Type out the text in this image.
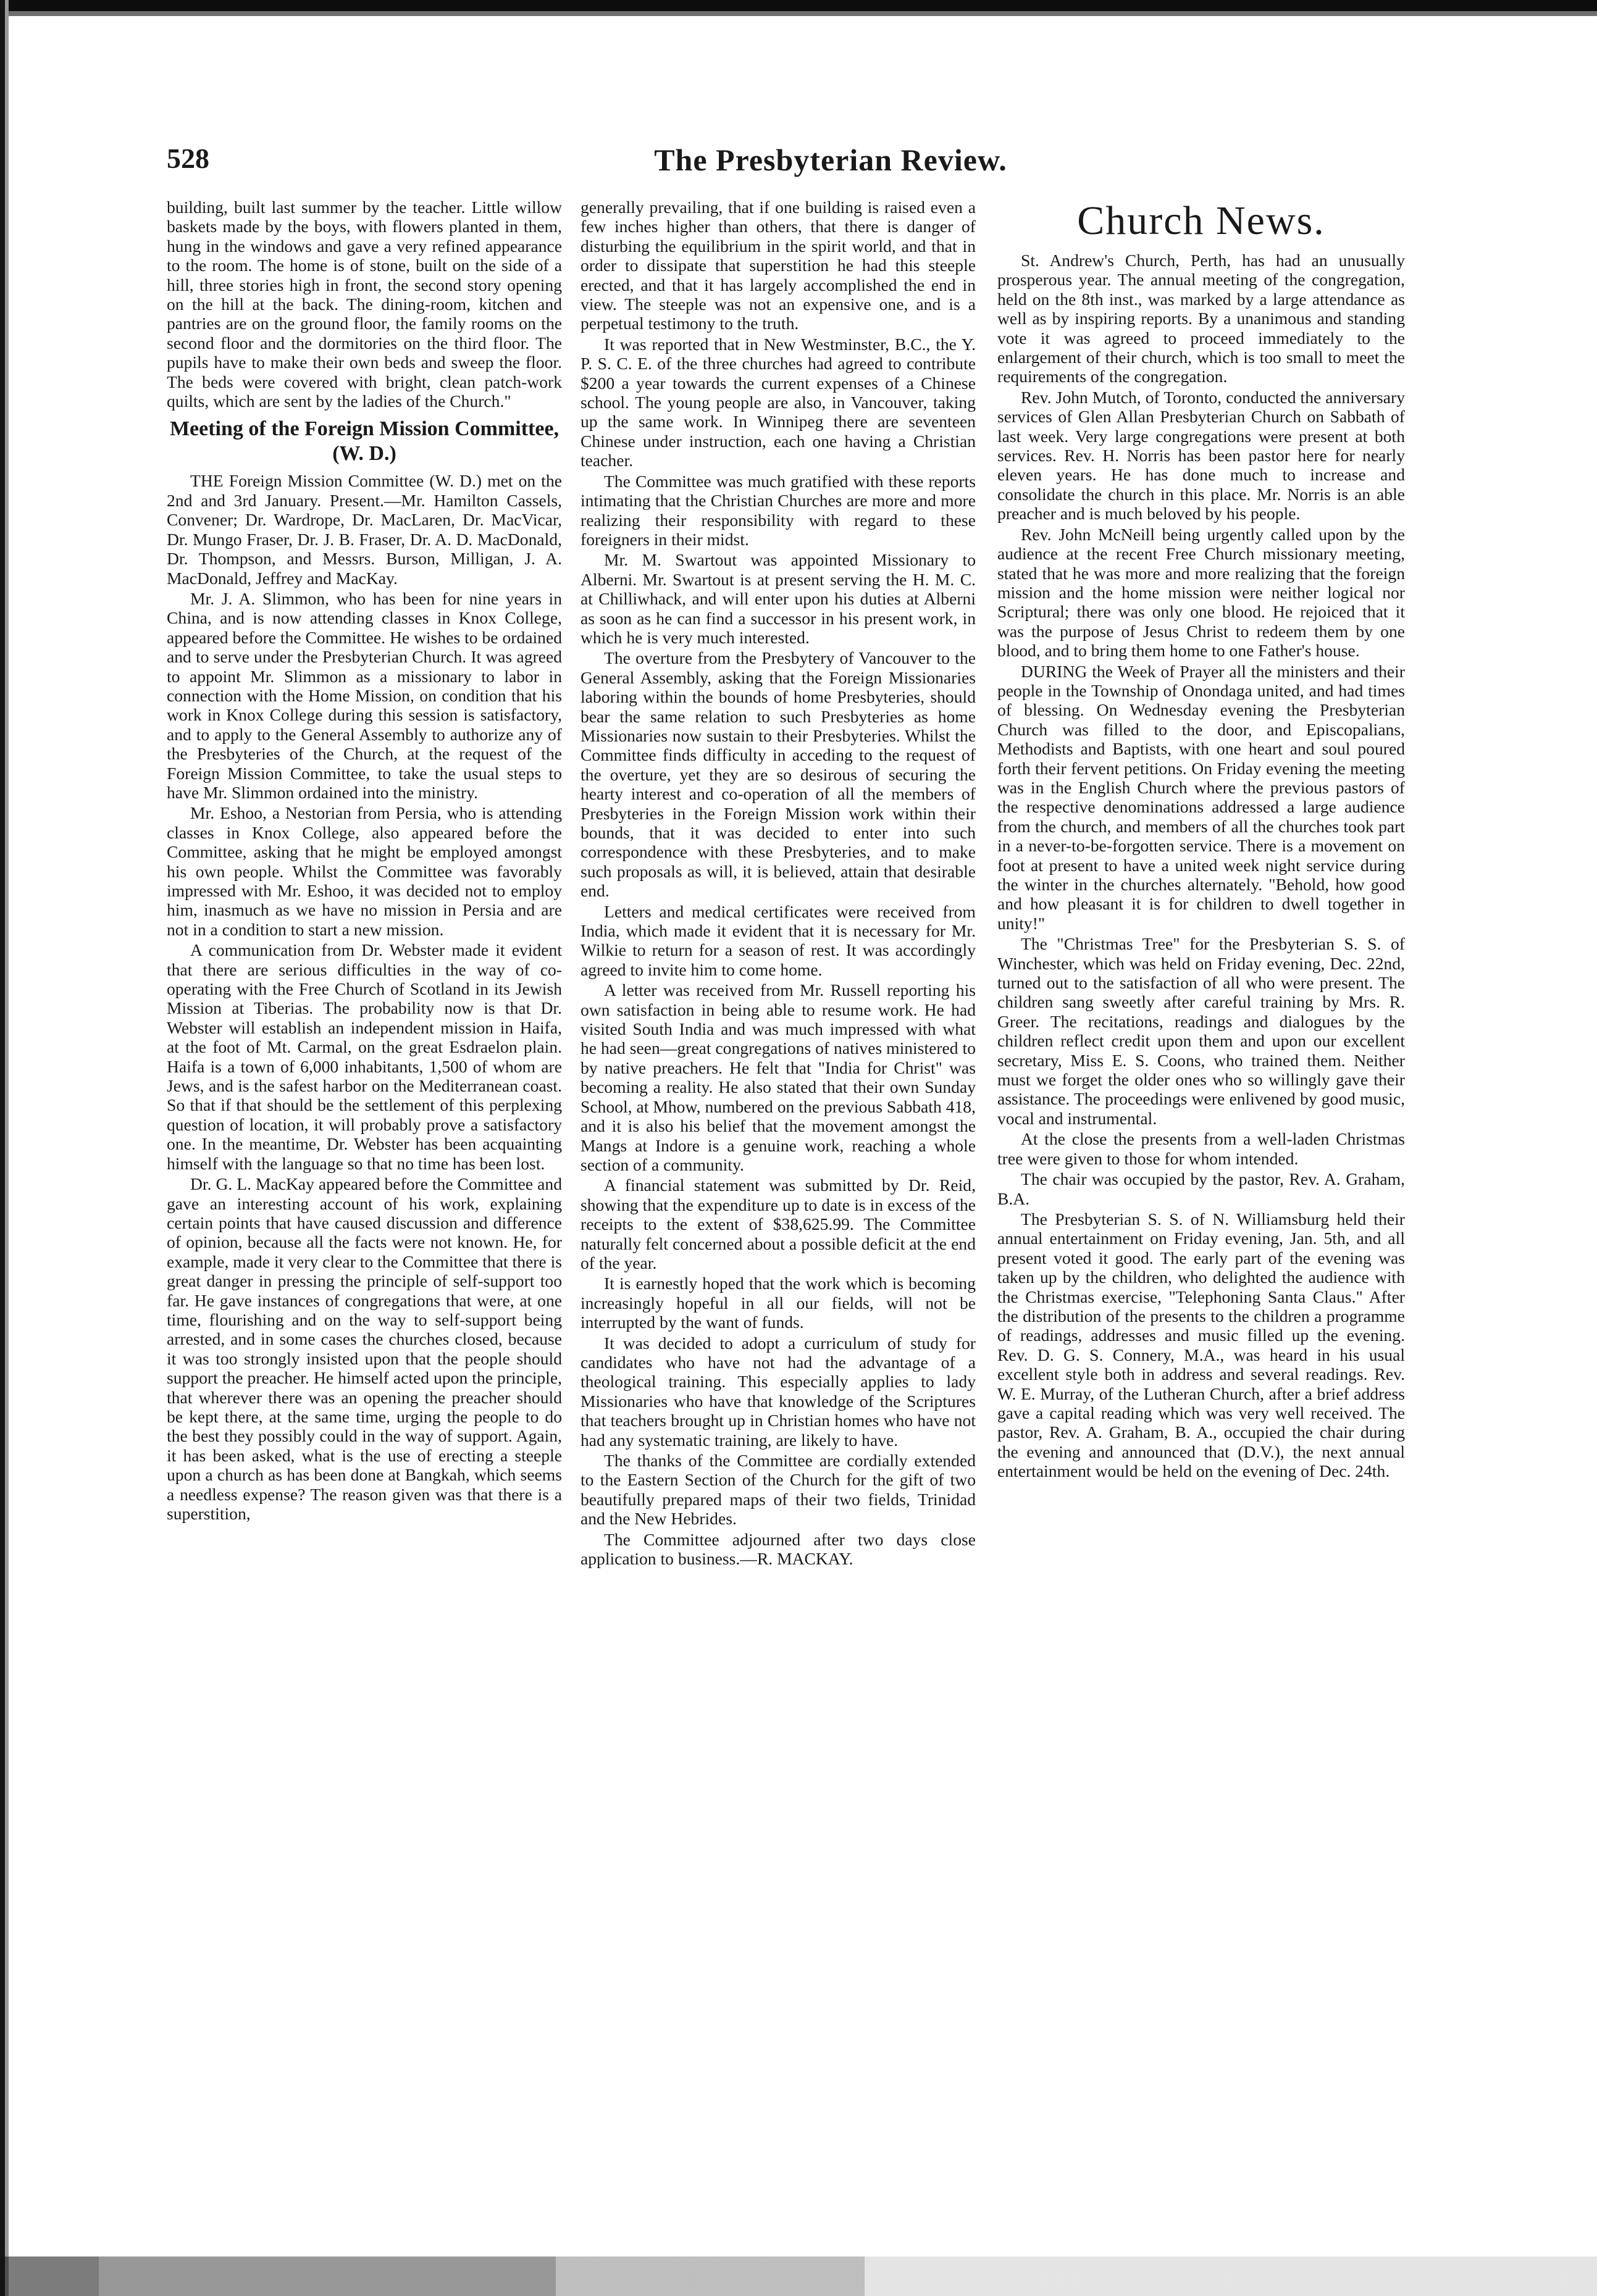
528	The Presbyterian Review.

building, built last summer by the teacher. Little willow baskets made by the boys, with flowers planted in them, hung in the windows and gave a very refined appearance to the room. The home is of stone, built on the side of a hill, three stories high in front, the second story opening on the hill at the back. The dining-room, kitchen and pantries are on the ground floor, the family rooms on the second floor and the dormitories on the third floor. The pupils have to make their own beds and sweep the floor. The beds were covered with bright, clean patch-work quilts, which are sent by the ladies of the Church."

Meeting of the Foreign Mission Committee, (W. D.)

THE Foreign Mission Committee (W. D.) met on the 2nd and 3rd January. Present.—Mr. Hamilton Cassels, Convener; Dr. Wardrope, Dr. MacLaren, Dr. MacVicar, Dr. Mungo Fraser, Dr. J. B. Fraser, Dr. A. D. MacDonald, Dr. Thompson, and Messrs. Burson, Milligan, J. A. MacDonald, Jeffrey and MacKay.

Mr. J. A. Slimmon, who has been for nine years in China, and is now attending classes in Knox College, appeared before the Committee. He wishes to be ordained and to serve under the Presbyterian Church. It was agreed to appoint Mr. Slimmon as a missionary to labor in connection with the Home Mission, on condition that his work in Knox College during this session is satisfactory, and to apply to the General Assembly to authorize any of the Presbyteries of the Church, at the request of the Foreign Mission Committee, to take the usual steps to have Mr. Slimmon ordained into the ministry.

Mr. Eshoo, a Nestorian from Persia, who is attending classes in Knox College, also appeared before the Committee, asking that he might be employed amongst his own people. Whilst the Committee was favorably impressed with Mr. Eshoo, it was decided not to employ him, inasmuch as we have no mission in Persia and are not in a condition to start a new mission.

A communication from Dr. Webster made it evident that there are serious difficulties in the way of co-operating with the Free Church of Scotland in its Jewish Mission at Tiberias. The probability now is that Dr. Webster will establish an independent mission in Haifa, at the foot of Mt. Carmal, on the great Esdraelon plain. Haifa is a town of 6,000 inhabitants, 1,500 of whom are Jews, and is the safest harbor on the Mediterranean coast. So that if that should be the settlement of this perplexing question of location, it will probably prove a satisfactory one. In the meantime, Dr. Webster has been acquainting himself with the language so that no time has been lost.

Dr. G. L. MacKay appeared before the Committee and gave an interesting account of his work, explaining certain points that have caused discussion and difference of opinion, because all the facts were not known. He, for example, made it very clear to the Committee that there is great danger in pressing the principle of self-support too far. He gave instances of congregations that were, at one time, flourishing and on the way to self-support being arrested, and in some cases the churches closed, because it was too strongly insisted upon that the people should support the preacher. He himself acted upon the principle, that wherever there was an opening the preacher should be kept there, at the same time, urging the people to do the best they possibly could in the way of support. Again, it has been asked, what is the use of erecting a steeple upon a church as has been done at Bangkah, which seems a needless expense? The reason given was that there is a superstition,

generally prevailing, that if one building is raised even a few inches higher than others, that there is danger of disturbing the equilibrium in the spirit world, and that in order to dissipate that superstition he had this steeple erected, and that it has largely accomplished the end in view. The steeple was not an expensive one, and is a perpetual testimony to the truth.

It was reported that in New Westminster, B.C., the Y. P. S. C. E. of the three churches had agreed to contribute $200 a year towards the current expenses of a Chinese school. The young people are also, in Vancouver, taking up the same work. In Winnipeg there are seventeen Chinese under instruction, each one having a Christian teacher.

The Committee was much gratified with these reports intimating that the Christian Churches are more and more realizing their responsibility with regard to these foreigners in their midst.

Mr. M. Swartout was appointed Missionary to Alberni. Mr. Swartout is at present serving the H. M. C. at Chilliwhack, and will enter upon his duties at Alberni as soon as he can find a successor in his present work, in which he is very much interested.

The overture from the Presbytery of Vancouver to the General Assembly, asking that the Foreign Missionaries laboring within the bounds of home Presbyteries, should bear the same relation to such Presbyteries as home Missionaries now sustain to their Presbyteries. Whilst the Committee finds difficulty in acceding to the request of the overture, yet they are so desirous of securing the hearty interest and co-operation of all the members of Presbyteries in the Foreign Mission work within their bounds, that it was decided to enter into such correspondence with these Presbyteries, and to make such proposals as will, it is believed, attain that desirable end.

Letters and medical certificates were received from India, which made it evident that it is necessary for Mr. Wilkie to return for a season of rest. It was accordingly agreed to invite him to come home.

A letter was received from Mr. Russell reporting his own satisfaction in being able to resume work. He had visited South India and was much impressed with what he had seen—great congregations of natives ministered to by native preachers. He felt that "India for Christ" was becoming a reality. He also stated that their own Sunday School, at Mhow, numbered on the previous Sabbath 418, and it is also his belief that the movement amongst the Mangs at Indore is a genuine work, reaching a whole section of a community.

A financial statement was submitted by Dr. Reid, showing that the expenditure up to date is in excess of the receipts to the extent of $38,625.99. The Committee naturally felt concerned about a possible deficit at the end of the year.

It is earnestly hoped that the work which is becoming increasingly hopeful in all our fields, will not be interrupted by the want of funds.

It was decided to adopt a curriculum of study for candidates who have not had the advantage of a theological training. This especially applies to lady Missionaries who have that knowledge of the Scriptures that teachers brought up in Christian homes who have not had any systematic training, are likely to have.

The thanks of the Committee are cordially extended to the Eastern Section of the Church for the gift of two beautifully prepared maps of their two fields, Trinidad and the New Hebrides.

The Committee adjourned after two days close application to business.—R. MACKAY.

Church News.

St. Andrew's Church, Perth, has had an unusually prosperous year. The annual meeting of the congregation, held on the 8th inst., was marked by a large attendance as well as by inspiring reports. By a unanimous and standing vote it was agreed to proceed immediately to the enlargement of their church, which is too small to meet the requirements of the congregation.

Rev. John Mutch, of Toronto, conducted the anniversary services of Glen Allan Presbyterian Church on Sabbath of last week. Very large congregations were present at both services. Rev. H. Norris has been pastor here for nearly eleven years. He has done much to increase and consolidate the church in this place. Mr. Norris is an able preacher and is much beloved by his people.

Rev. John McNeill being urgently called upon by the audience at the recent Free Church missionary meeting, stated that he was more and more realizing that the foreign mission and the home mission were neither logical nor Scriptural; there was only one blood. He rejoiced that it was the purpose of Jesus Christ to redeem them by one blood, and to bring them home to one Father's house.

DURING the Week of Prayer all the ministers and their people in the Township of Onondaga united, and had times of blessing. On Wednesday evening the Presbyterian Church was filled to the door, and Episcopalians, Methodists and Baptists, with one heart and soul poured forth their fervent petitions. On Friday evening the meeting was in the English Church where the previous pastors of the respective denominations addressed a large audience from the church, and members of all the churches took part in a never-to-be-forgotten service. There is a movement on foot at present to have a united week night service during the winter in the churches alternately. "Behold, how good and how pleasant it is for children to dwell together in unity!"

The "Christmas Tree" for the Presbyterian S. S. of Winchester, which was held on Friday evening, Dec. 22nd, turned out to the satisfaction of all who were present. The children sang sweetly after careful training by Mrs. R. Greer. The recitations, readings and dialogues by the children reflect credit upon them and upon our excellent secretary, Miss E. S. Coons, who trained them. Neither must we forget the older ones who so willingly gave their assistance. The proceedings were enlivened by good music, vocal and instrumental.

At the close the presents from a well-laden Christmas tree were given to those for whom intended.

The chair was occupied by the pastor, Rev. A. Graham, B.A.

The Presbyterian S. S. of N. Williamsburg held their annual entertainment on Friday evening, Jan. 5th, and all present voted it good. The early part of the evening was taken up by the children, who delighted the audience with the Christmas exercise, "Telephoning Santa Claus." After the distribution of the presents to the children a programme of readings, addresses and music filled up the evening. Rev. D. G. S. Connery, M.A., was heard in his usual excellent style both in address and several readings. Rev. W. E. Murray, of the Lutheran Church, after a brief address gave a capital reading which was very well received. The pastor, Rev. A. Graham, B. A., occupied the chair during the evening and announced that (D.V.), the next annual entertainment would be held on the evening of Dec. 24th.
